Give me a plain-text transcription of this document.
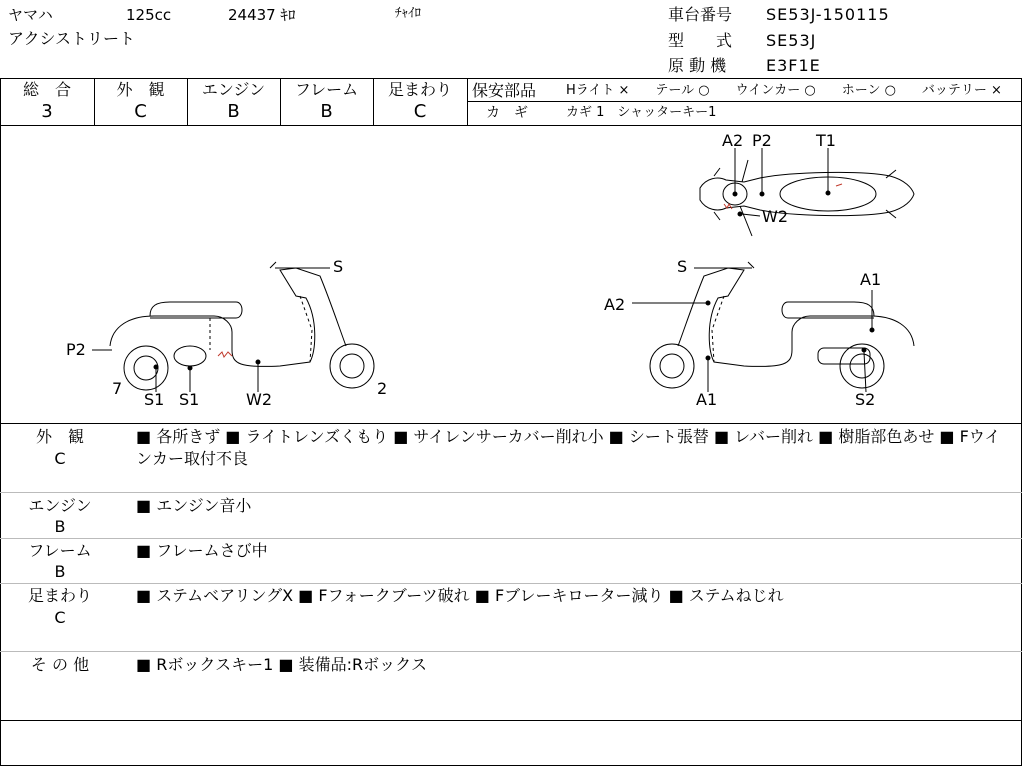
ヤマハ	125cc	24437 ｷﾛ	ﾁｬｲﾛ
アクシストリート
車台番号 SE53J-150115
型　　式 SE53J
原 動 機 E3F1E
総　合
3
外　観
C
エンジン
B
フレーム
B
足まわり
C
保安部品 Hライト ×　　テール ○　　ウインカー ○　　ホーン ○　　バッテリー ×
カ　ギ	カギ 1　シャッターキー1
A2 P2	T1
W2
S
P2
7	2
S1 S1	W2
S
A1
A2
A1	S2
外　観
C
■ 各所きず ■ ライトレンズくもり ■ サイレンサーカバー削れ小 ■ シート張替 ■ レバー削れ ■ 樹脂部色あせ ■ Fウインカー取付不良
エンジン
B
■ エンジン音小
フレーム
B
■ フレームさび中
足まわり
C
■ ステムベアリングX ■ Fフォークブーツ破れ ■ Fブレーキローター減り ■ ステムねじれ
そ の 他	■ Rボックスキー1 ■ 装備品:Rボックス
